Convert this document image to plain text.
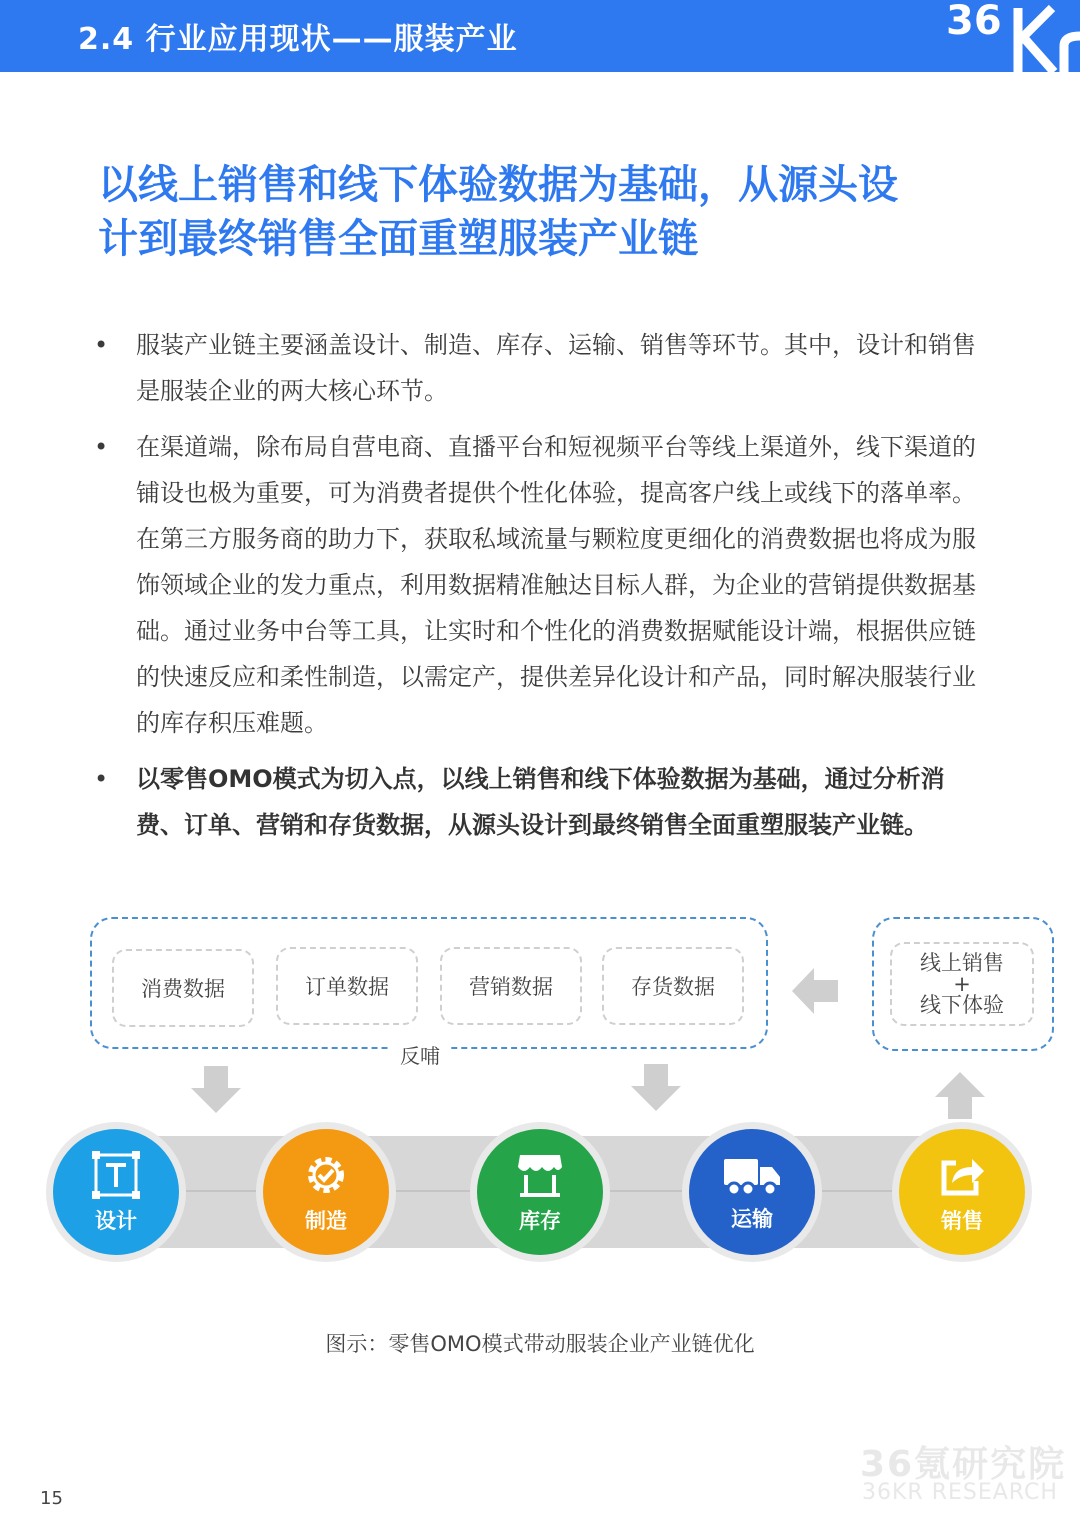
2.4 行业应用现状——服装产业	36
以线上销售和线下体验数据为基础，从源头设
计到最终销售全面重塑服装产业链
• 服装产业链主要涵盖设计、制造、库存、运输、销售等环节。其中，设计和销售是服装企业的两大核心环节。
• 在渠道端，除布局自营电商、直播平台和短视频平台等线上渠道外，线下渠道的铺设也极为重要，可为消费者提供个性化体验，提高客户线上或线下的落单率。在第三方服务商的助力下，获取私域流量与颗粒度更细化的消费数据也将成为服饰领域企业的发力重点，利用数据精准触达目标人群，为企业的营销提供数据基础。通过业务中台等工具，让实时和个性化的消费数据赋能设计端，根据供应链的快速反应和柔性制造，以需定产，提供差异化设计和产品，同时解决服装行业的库存积压难题。
• 以零售OMO模式为切入点，以线上销售和线下体验数据为基础，通过分析消费、订单、营销和存货数据，从源头设计到最终销售全面重塑服装产业链。
消费数据	订单数据	营销数据	存货数据
反哺
线上销售
+
线下体验
设计	制造	库存	运输	销售
图示：零售OMO模式带动服装企业产业链优化
36氪研究院
36KR RESEARCH
15
